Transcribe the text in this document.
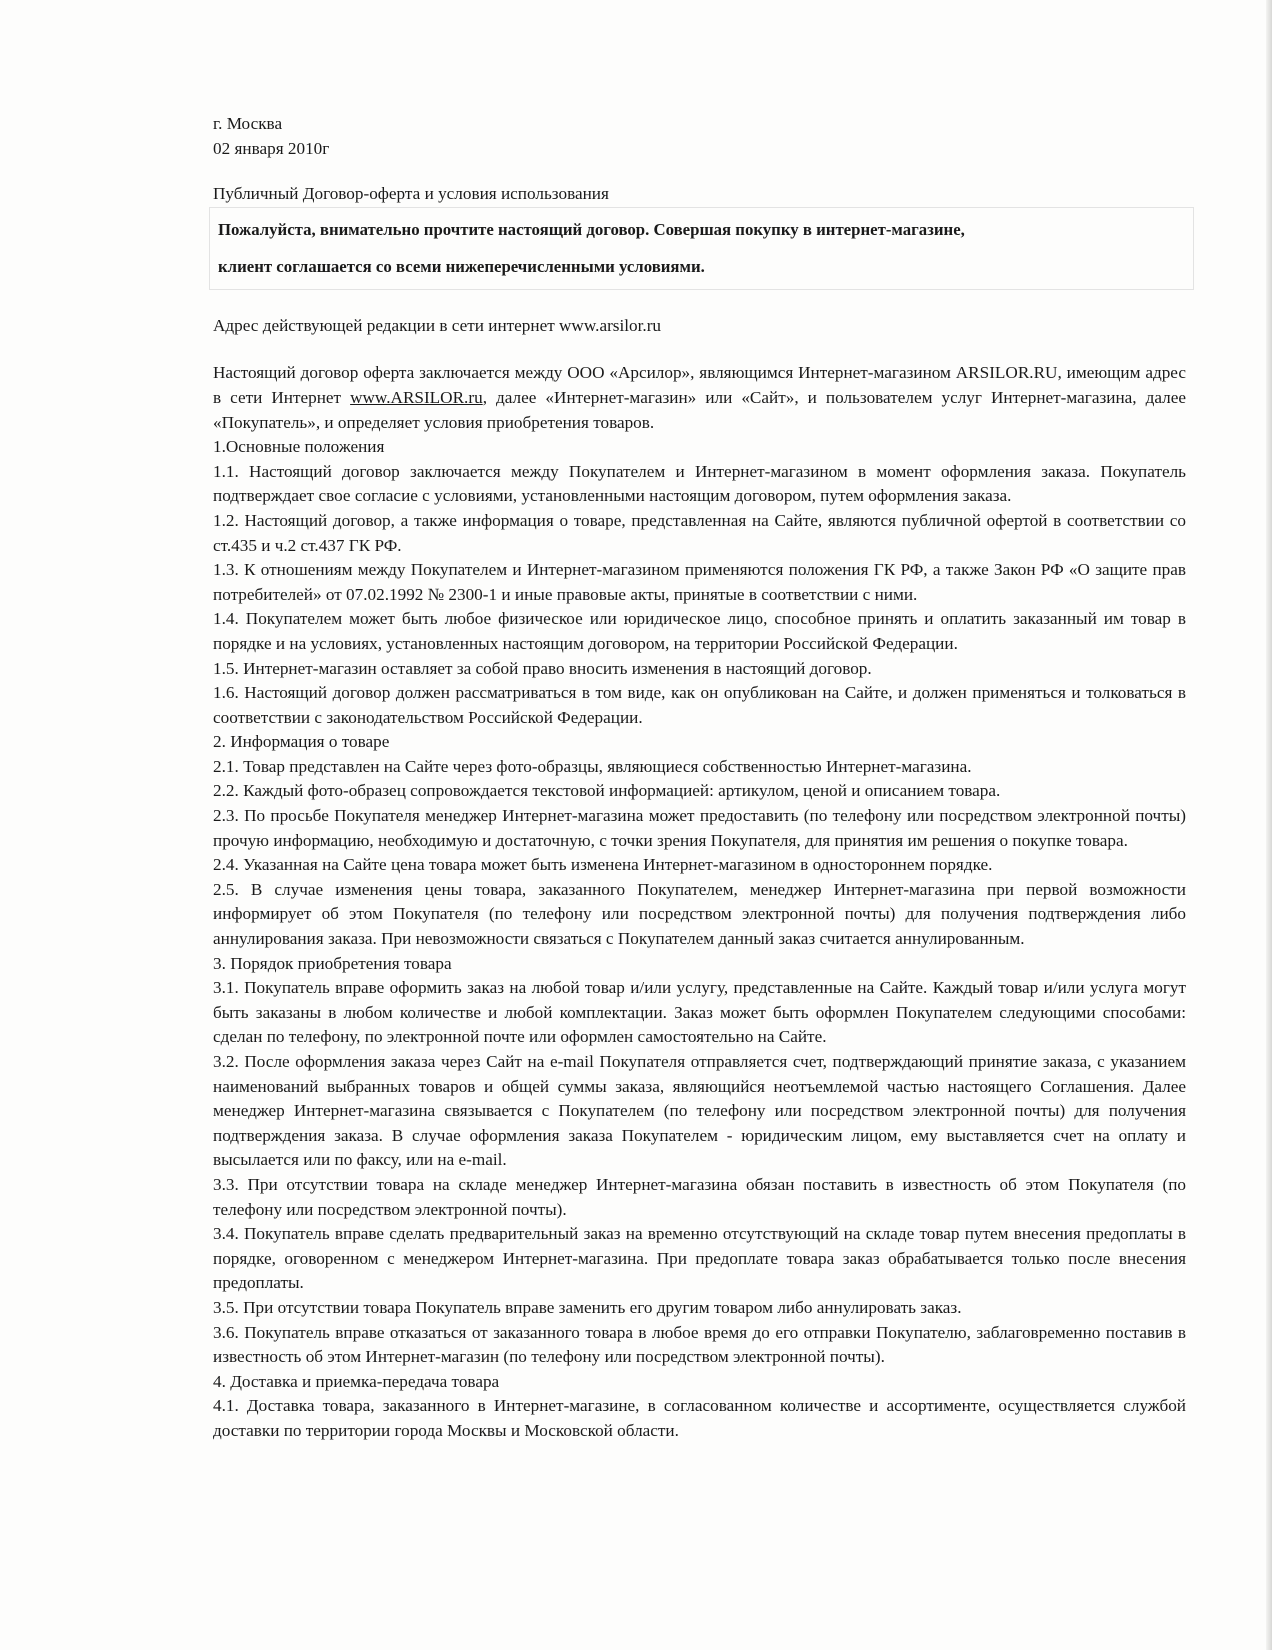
г. Москва

02 января 2010г

Публичный Договор-оферта и условия использования

Пожалуйста, внимательно прочтите настоящий договор. Совершая покупку в интернет-магазине,
клиент соглашается со всеми нижеперечисленными условиями.

Адрес действующей редакции в сети интернет www.arsilor.ru

Настоящий договор оферта заключается между ООО «Арсилор», являющимся Интернет-магазином ARSILOR.RU, имеющим адрес в сети Интернет www.ARSILOR.ru, далее «Интернет-магазин» или «Сайт», и пользователем услуг Интернет-магазина, далее «Покупатель», и определяет условия приобретения товаров.

1.Основные положения

1.1. Настоящий договор заключается между Покупателем и Интернет-магазином в момент оформления заказа. Покупатель подтверждает свое согласие с условиями, установленными настоящим договором, путем оформления заказа.

1.2. Настоящий договор, а также информация о товаре, представленная на Сайте, являются публичной офертой в соответствии со ст.435 и ч.2 ст.437 ГК РФ.

1.3. К отношениям между Покупателем и Интернет-магазином применяются положения ГК РФ, а также Закон РФ «О защите прав потребителей» от 07.02.1992 № 2300-1 и иные правовые акты, принятые в соответствии с ними.

1.4. Покупателем может быть любое физическое или юридическое лицо, способное принять и оплатить заказанный им товар в порядке и на условиях, установленных настоящим договором, на территории Российской Федерации.

1.5. Интернет-магазин оставляет за собой право вносить изменения в настоящий договор.

1.6. Настоящий договор должен рассматриваться в том виде, как он опубликован на Сайте, и должен применяться и толковаться в соответствии с законодательством Российской Федерации.

2. Информация о товаре

2.1. Товар представлен на Сайте через фото-образцы, являющиеся собственностью Интернет-магазина.

2.2. Каждый фото-образец сопровождается текстовой информацией: артикулом, ценой и описанием товара.

2.3. По просьбе Покупателя менеджер Интернет-магазина может предоставить (по телефону или посредством электронной почты) прочую информацию, необходимую и достаточную, с точки зрения Покупателя, для принятия им решения о покупке товара.

2.4. Указанная на Сайте цена товара может быть изменена Интернет-магазином в одностороннем порядке.

2.5. В случае изменения цены товара, заказанного Покупателем, менеджер Интернет-магазина при первой возможности информирует об этом Покупателя (по телефону или посредством электронной почты) для получения подтверждения либо аннулирования заказа. При невозможности связаться с Покупателем данный заказ считается аннулированным.

3. Порядок приобретения товара

3.1. Покупатель вправе оформить заказ на любой товар и/или услугу, представленные на Сайте. Каждый товар и/или услуга могут быть заказаны в любом количестве и любой комплектации. Заказ может быть оформлен Покупателем следующими способами: сделан по телефону, по электронной почте или оформлен самостоятельно на Сайте.

3.2. После оформления заказа через Сайт на e-mail Покупателя отправляется счет, подтверждающий принятие заказа, с указанием наименований выбранных товаров и общей суммы заказа, являющийся неотъемлемой частью настоящего Соглашения. Далее менеджер Интернет-магазина связывается с Покупателем (по телефону или посредством электронной почты) для получения подтверждения заказа. В случае оформления заказа Покупателем - юридическим лицом, ему выставляется счет на оплату и высылается или по факсу, или на e-mail.

3.3. При отсутствии товара на складе менеджер Интернет-магазина обязан поставить в известность об этом Покупателя (по телефону или посредством электронной почты).

3.4. Покупатель вправе сделать предварительный заказ на временно отсутствующий на складе товар путем внесения предоплаты в порядке, оговоренном с менеджером Интернет-магазина. При предоплате товара заказ обрабатывается только после внесения предоплаты.

3.5. При отсутствии товара Покупатель вправе заменить его другим товаром либо аннулировать заказ.

3.6. Покупатель вправе отказаться от заказанного товара в любое время до его отправки Покупателю, заблаговременно поставив в известность об этом Интернет-магазин (по телефону или посредством электронной почты).

4. Доставка и приемка-передача товара

4.1. Доставка товара, заказанного в Интернет-магазине, в согласованном количестве и ассортименте, осуществляется службой доставки по территории города Москвы и Московской области.
